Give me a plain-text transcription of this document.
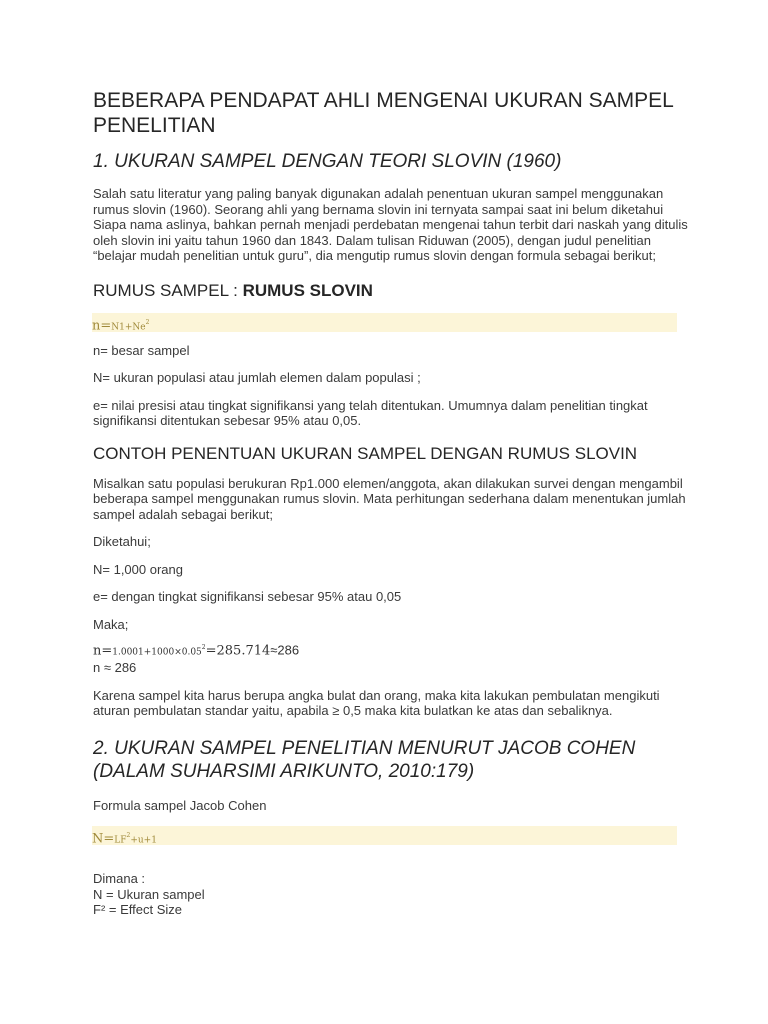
BEBERAPA PENDAPAT AHLI MENGENAI UKURAN SAMPEL PENELITIAN
1. UKURAN SAMPEL DENGAN TEORI SLOVIN (1960)

Salah satu literatur yang paling banyak digunakan adalah penentuan ukuran sampel menggunakan rumus slovin (1960). Seorang ahli yang bernama slovin ini ternyata sampai saat ini belum diketahui Siapa nama aslinya, bahkan pernah menjadi perdebatan mengenai tahun terbit dari naskah yang ditulis oleh slovin ini yaitu tahun 1960 dan 1843. Dalam tulisan Riduwan (2005), dengan judul penelitian “belajar mudah penelitian untuk guru”, dia mengutip rumus slovin dengan formula sebagai berikut;

RUMUS SAMPEL : RUMUS SLOVIN
$n=N1+Ne^2$

n= besar sampel

N= ukuran populasi atau jumlah elemen dalam populasi ;

e= nilai presisi atau tingkat signifikansi yang telah ditentukan. Umumnya dalam penelitian tingkat signifikansi ditentukan sebesar 95% atau 0,05.

CONTOH PENENTUAN UKURAN SAMPEL DENGAN RUMUS SLOVIN

Misalkan satu populasi berukuran Rp1.000 elemen/anggota, akan dilakukan survei dengan mengambil beberapa sampel menggunakan rumus slovin. Mata perhitungan sederhana dalam menentukan jumlah sampel adalah sebagai berikut;

Diketahui;

N= 1,000 orang

e= dengan tingkat signifikansi sebesar 95% atau 0,05

Maka;

$n=1.0001+1000\times 0.05^2=285.714\approx 286$

n ≈ 286

Karena sampel kita harus berupa angka bulat dan orang, maka kita lakukan pembulatan mengikuti aturan pembulatan standar yaitu, apabila ≥ 0,5 maka kita bulatkan ke atas dan sebaliknya.

2. UKURAN SAMPEL PENELITIAN MENURUT JACOB COHEN (DALAM SUHARSIMI ARIKUNTO, 2010:179)

Formula sampel Jacob Cohen

$N=LF^2+u+1$

Dimana :

N = Ukuran sampel

F² = Effect Size
